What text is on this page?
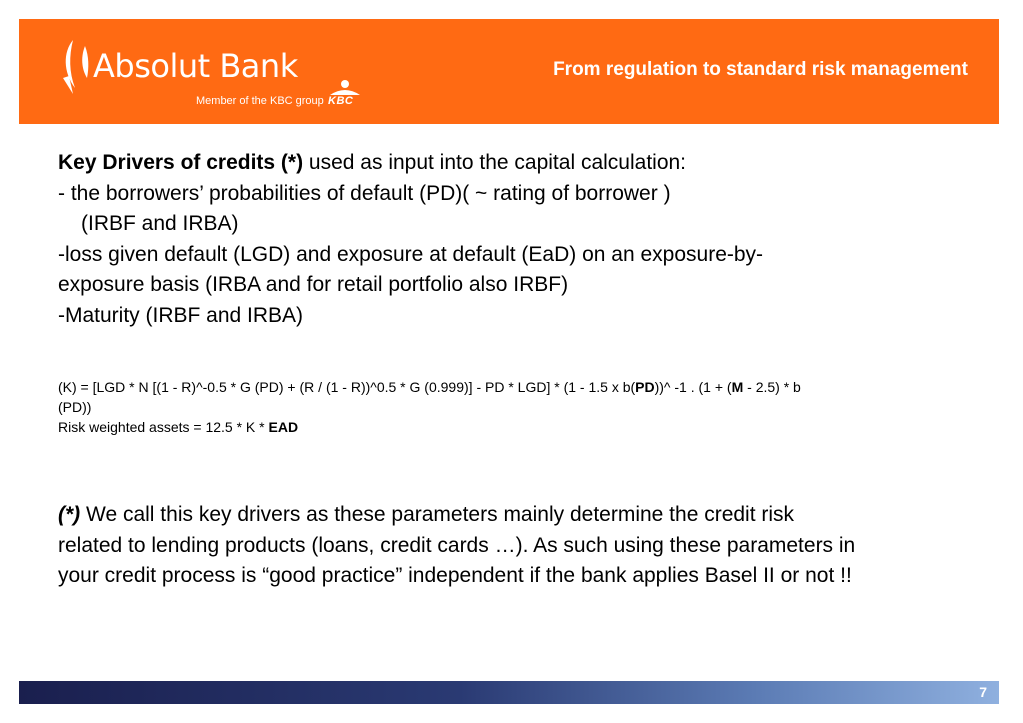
Absolut Bank
Member of the KBC group KBC
From regulation to standard risk management

Key Drivers of credits (*) used as input into the capital calculation:

- the borrowers’ probabilities of default (PD)( ~ rating of borrower )

(IRBF and IRBA)

-loss given default (LGD) and exposure at default (EaD) on an exposure-by-

exposure basis (IRBA and for retail portfolio also IRBF)

-Maturity (IRBF and IRBA)

(K) = [LGD * N [(1 - R)^-0.5 * G (PD) + (R / (1 - R))^0.5 * G (0.999)] - PD * LGD] * (1 - 1.5 x b(PD))^ -1 . (1 + (M - 2.5) * b

(PD))

Risk weighted assets = 12.5 * K * EAD

(*) We call this key drivers as these parameters mainly determine the credit risk

related to lending products (loans, credit cards …). As such using these parameters in

your credit process is “good practice” independent if the bank applies Basel II or not !!

7
